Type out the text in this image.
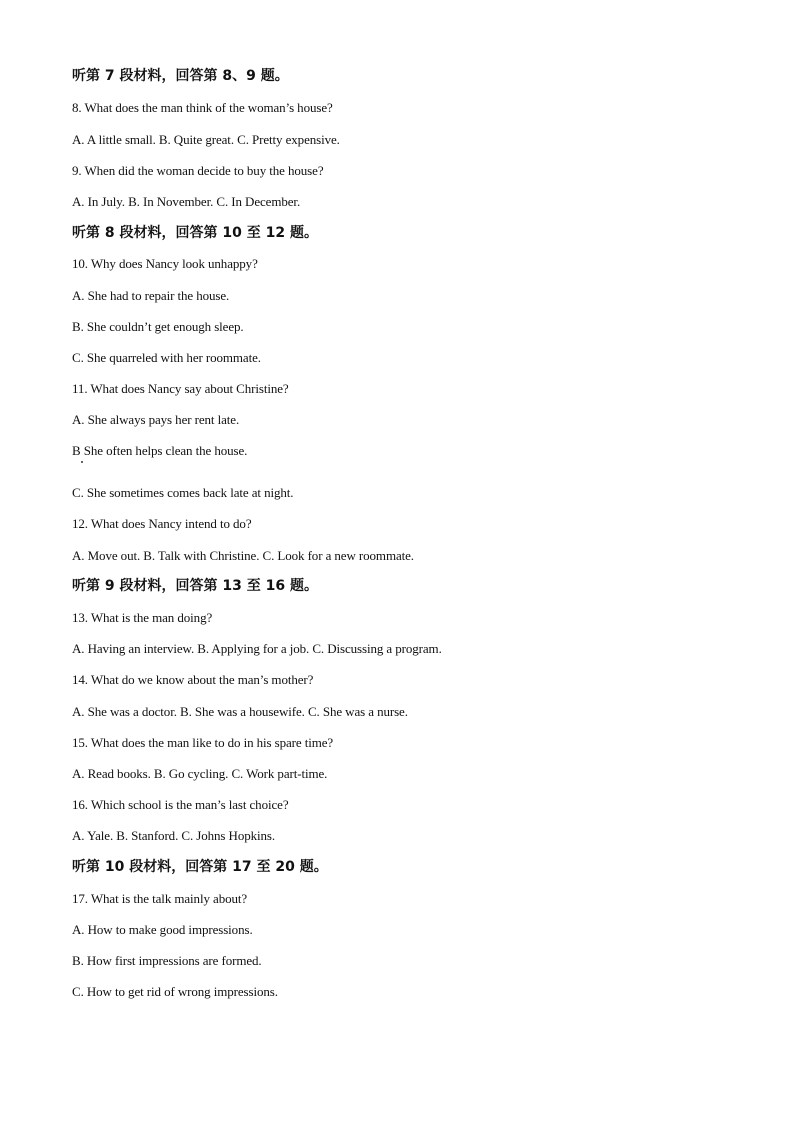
听第 7 段材料，回答第 8、9 题。
8. What does the man think of the woman’s house?
A. A little small. B. Quite great. C. Pretty expensive.
9. When did the woman decide to buy the house?
A. In July. B. In November. C. In December.
听第 8 段材料，回答第 10 至 12 题。
10. Why does Nancy look unhappy?
A. She had to repair the house.
B. She couldn’t get enough sleep.
C. She quarreled with her roommate.
11. What does Nancy say about Christine?
A. She always pays her rent late.
B She often helps clean the house.
C. She sometimes comes back late at night.
12. What does Nancy intend to do?
A. Move out. B. Talk with Christine. C. Look for a new roommate.
听第 9 段材料，回答第 13 至 16 题。
13. What is the man doing?
A. Having an interview. B. Applying for a job. C. Discussing a program.
14. What do we know about the man’s mother?
A. She was a doctor. B. She was a housewife. C. She was a nurse.
15. What does the man like to do in his spare time?
A. Read books. B. Go cycling. C. Work part-time.
16. Which school is the man’s last choice?
A. Yale. B. Stanford. C. Johns Hopkins.
听第 10 段材料，回答第 17 至 20 题。
17. What is the talk mainly about?
A. How to make good impressions.
B. How first impressions are formed.
C. How to get rid of wrong impressions.
